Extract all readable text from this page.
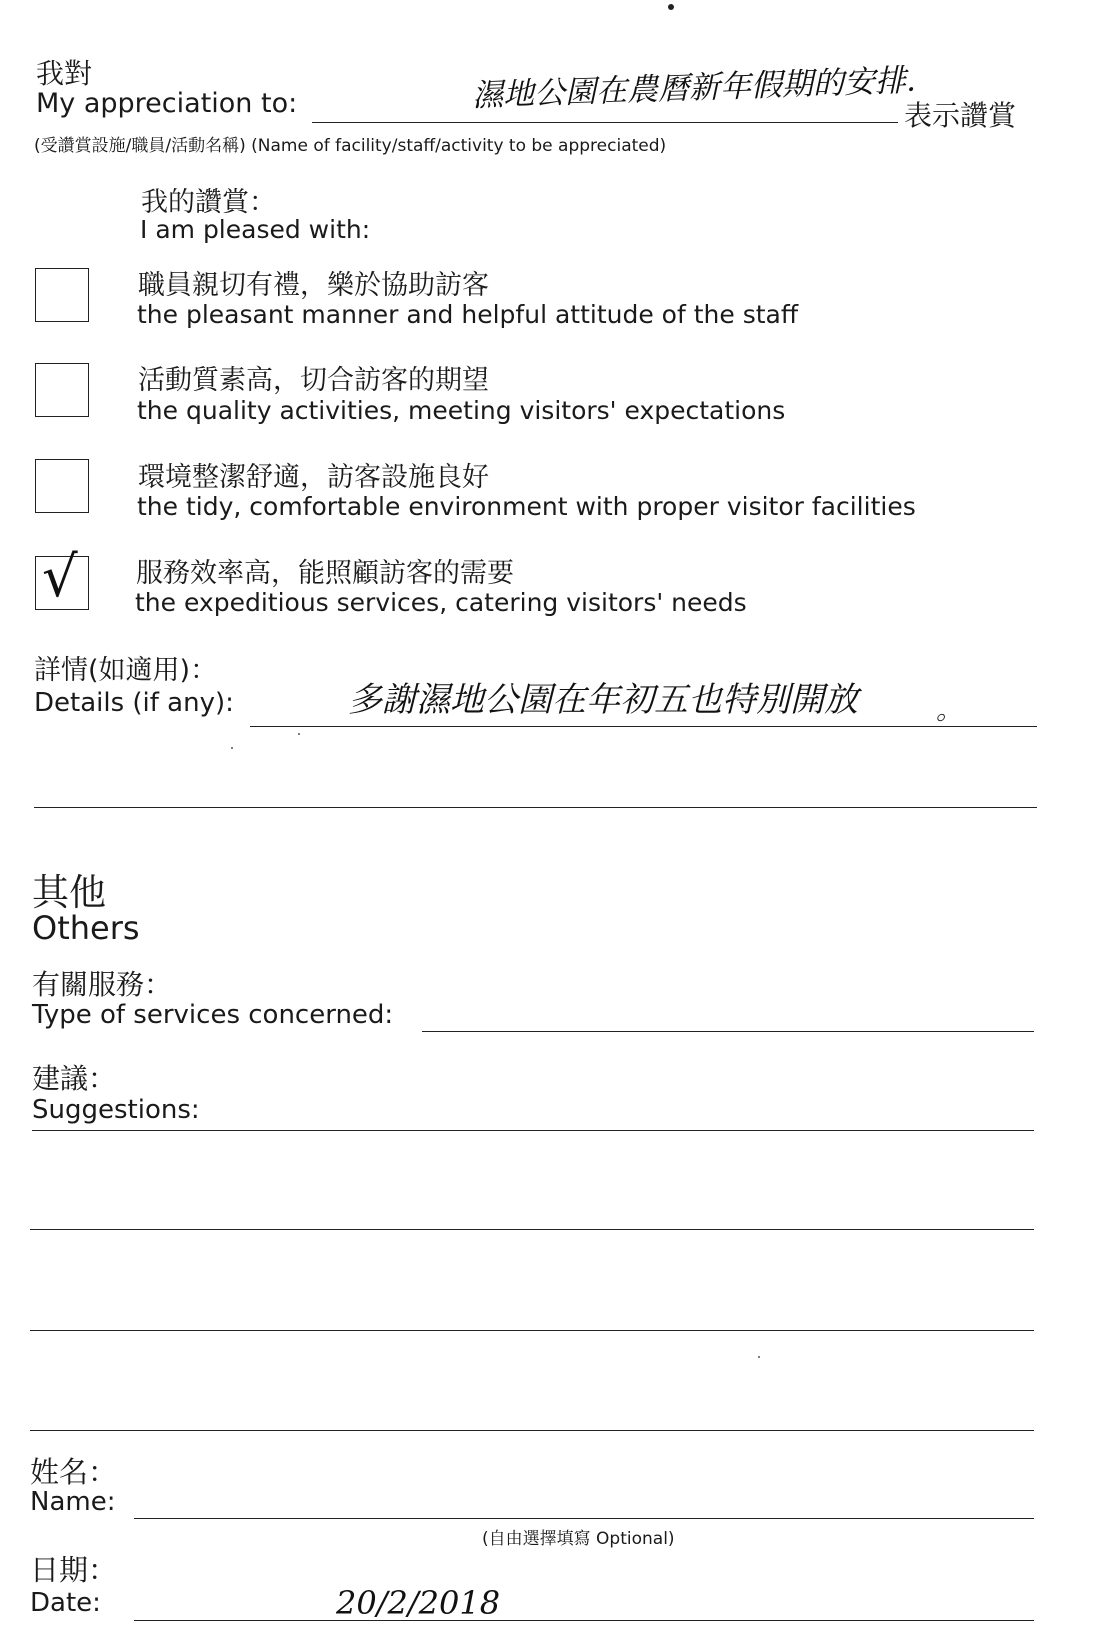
我對
My appreciation to:	濕地公園在農曆新年假期的安排.
表示讚賞
(受讚賞設施/職員/活動名稱) (Name of facility/staff/activity to be appreciated)
我的讚賞：
I am pleased with:
職員親切有禮，樂於協助訪客
the pleasant manner and helpful attitude of the staff
活動質素高，切合訪客的期望
the quality activities, meeting visitors' expectations
環境整潔舒適，訪客設施良好
the tidy, comfortable environment with proper visitor facilities
√ 服務效率高，能照顧訪客的需要
the expeditious services, catering visitors' needs
詳情(如適用)：
Details (if any):	多謝濕地公園在年初五也特別開放	。
其他
Others
有關服務：
Type of services concerned:
建議：
Suggestions:
姓名：
Name:
(自由選擇填寫 Optional)
日期：
Date:	20/2/2018
